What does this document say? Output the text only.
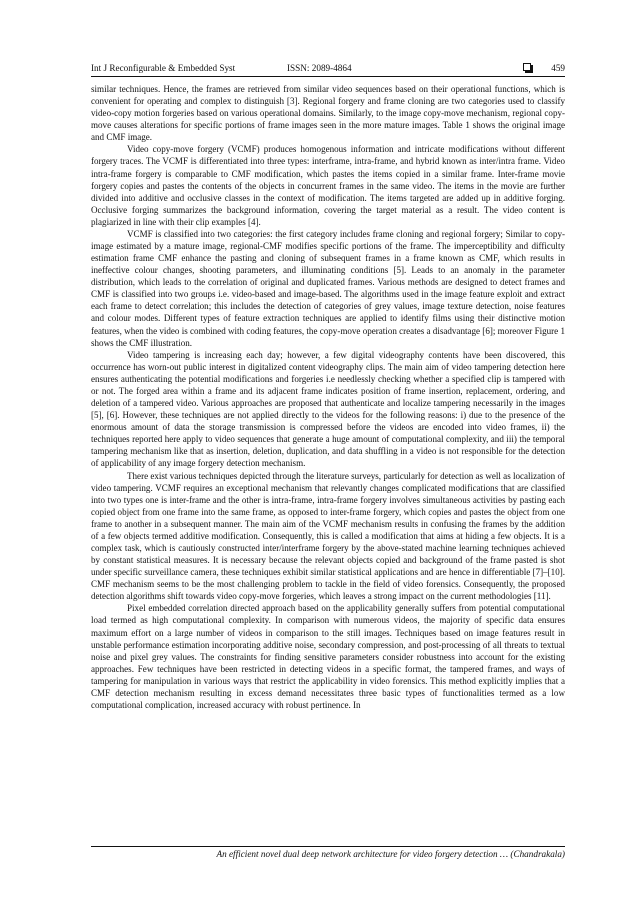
Int J Reconfigurable & Embedded Syst	ISSN: 2089-4864	459

similar techniques. Hence, the frames are retrieved from similar video sequences based on their operational functions, which is convenient for operating and complex to distinguish [3]. Regional forgery and frame cloning are two categories used to classify video-copy motion forgeries based on various operational domains. Similarly, to the image copy-move mechanism, regional copy-move causes alterations for specific portions of frame images seen in the more mature images. Table 1 shows the original image and CMF image.

Video copy-move forgery (VCMF) produces homogenous information and intricate modifications without different forgery traces. The VCMF is differentiated into three types: interframe, intra-frame, and hybrid known as inter/intra frame. Video intra-frame forgery is comparable to CMF modification, which pastes the items copied in a similar frame. Inter-frame movie forgery copies and pastes the contents of the objects in concurrent frames in the same video. The items in the movie are further divided into additive and occlusive classes in the context of modification. The items targeted are added up in additive forging. Occlusive forging summarizes the background information, covering the target material as a result. The video content is plagiarized in line with their clip examples [4].

VCMF is classified into two categories: the first category includes frame cloning and regional forgery; Similar to copy-image estimated by a mature image, regional-CMF modifies specific portions of the frame. The imperceptibility and difficulty estimation frame CMF enhance the pasting and cloning of subsequent frames in a frame known as CMF, which results in ineffective colour changes, shooting parameters, and illuminating conditions [5]. Leads to an anomaly in the parameter distribution, which leads to the correlation of original and duplicated frames. Various methods are designed to detect frames and CMF is classified into two groups i.e. video-based and image-based. The algorithms used in the image feature exploit and extract each frame to detect correlation; this includes the detection of categories of grey values, image texture detection, noise features and colour modes. Different types of feature extraction techniques are applied to identify films using their distinctive motion features, when the video is combined with coding features, the copy-move operation creates a disadvantage [6]; moreover Figure 1 shows the CMF illustration.

Video tampering is increasing each day; however, a few digital videography contents have been discovered, this occurrence has worn-out public interest in digitalized content videography clips. The main aim of video tampering detection here ensures authenticating the potential modifications and forgeries i.e needlessly checking whether a specified clip is tampered with or not. The forged area within a frame and its adjacent frame indicates position of frame insertion, replacement, ordering, and deletion of a tampered video. Various approaches are proposed that authenticate and localize tampering necessarily in the images [5], [6]. However, these techniques are not applied directly to the videos for the following reasons: i) due to the presence of the enormous amount of data the storage transmission is compressed before the videos are encoded into video frames, ii) the techniques reported here apply to video sequences that generate a huge amount of computational complexity, and iii) the temporal tampering mechanism like that as insertion, deletion, duplication, and data shuffling in a video is not responsible for the detection of applicability of any image forgery detection mechanism.

There exist various techniques depicted through the literature surveys, particularly for detection as well as localization of video tampering. VCMF requires an exceptional mechanism that relevantly changes complicated modifications that are classified into two types one is inter-frame and the other is intra-frame, intra-frame forgery involves simultaneous activities by pasting each copied object from one frame into the same frame, as opposed to inter-frame forgery, which copies and pastes the object from one frame to another in a subsequent manner. The main aim of the VCMF mechanism results in confusing the frames by the addition of a few objects termed additive modification. Consequently, this is called a modification that aims at hiding a few objects. It is a complex task, which is cautiously constructed inter/interframe forgery by the above-stated machine learning techniques achieved by constant statistical measures. It is necessary because the relevant objects copied and background of the frame pasted is shot under specific surveillance camera, these techniques exhibit similar statistical applications and are hence in differentiable [7]–[10]. CMF mechanism seems to be the most challenging problem to tackle in the field of video forensics. Consequently, the proposed detection algorithms shift towards video copy-move forgeries, which leaves a strong impact on the current methodologies [11].

Pixel embedded correlation directed approach based on the applicability generally suffers from potential computational load termed as high computational complexity. In comparison with numerous videos, the majority of specific data ensures maximum effort on a large number of videos in comparison to the still images. Techniques based on image features result in unstable performance estimation incorporating additive noise, secondary compression, and post-processing of all threats to textual noise and pixel grey values. The constraints for finding sensitive parameters consider robustness into account for the existing approaches. Few techniques have been restricted in detecting videos in a specific format, the tampered frames, and ways of tampering for manipulation in various ways that restrict the applicability in video forensics. This method explicitly implies that a CMF detection mechanism resulting in excess demand necessitates three basic types of functionalities termed as a low computational complication, increased accuracy with robust pertinence. In

An efficient novel dual deep network architecture for video forgery detection … (Chandrakala)
